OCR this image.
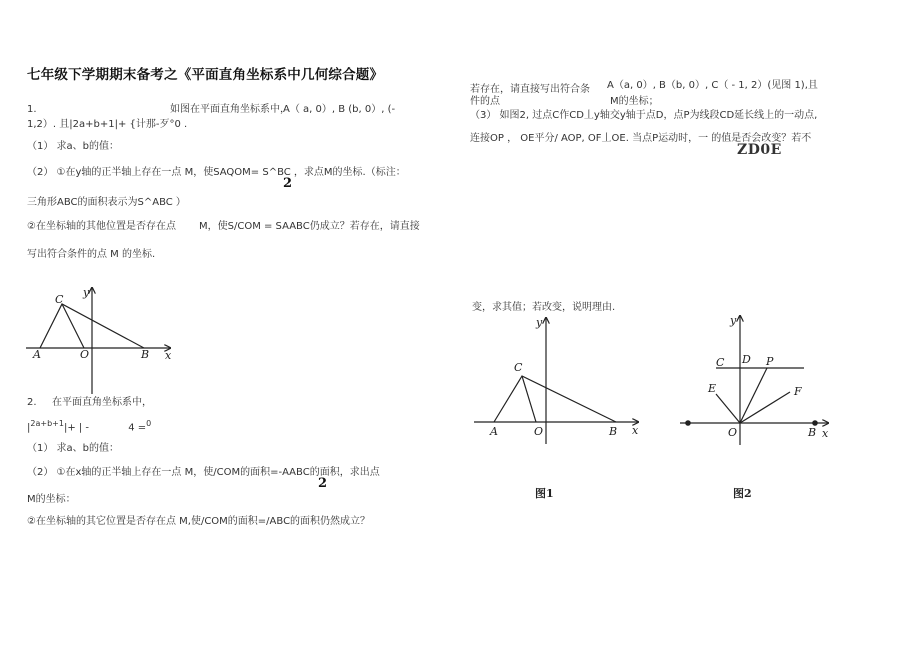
七年级下学期期末备考之《平面直角坐标系中几何综合题》
1.	如图在平面直角坐标系中，
A（ a, 0）, B (b, 0）, (-
1,2）. 且|2a+b+1|+ {计那-歹°0 .
（1） 求a、b的值：
（2） ①在y轴的正半轴上存在一点 M，使SAQOM= S^BC ，求点M的坐标.（标注：
2
三角形ABC的面积表示为S^ABC ）
②在坐标轴的其他位置是否存在点 M，使S/COM = SAABC仍成立？若存在，请直接
写出符合条件的点 M 的坐标.
y
x
C
A	O	B
2. 在平面直角坐标系中，
$|^{2a+b+1}|+$ | -	4 =$^0$
（1） 求a、b的值：
（2） ①在x轴的正半轴上存在一点 M，使/COM的面积=-AABC的面积，求出点
2
M的坐标：
②在坐标轴的其它位置是否存在点 M,使/COM的面积=/ABC的面积仍然成立？
若存在，请直接写出符合条
件的点
A（a, 0）, B（b, 0）, C（ - 1, 2）(见图 1),且
M的坐标；
（3） 如图2, 过点C作CD丄y轴交y轴于点D，点P为线段CD延长线上的一动点,
连接OP ， OE平分/ AOP, OF丄OE. 当点P运动时，一 的值是否会改变？若不
ZD0E
变，求其值；若改变，说明理由.
y
x
C
A	O	B
图1
y
x
C D P
E	F
O	B
图2
